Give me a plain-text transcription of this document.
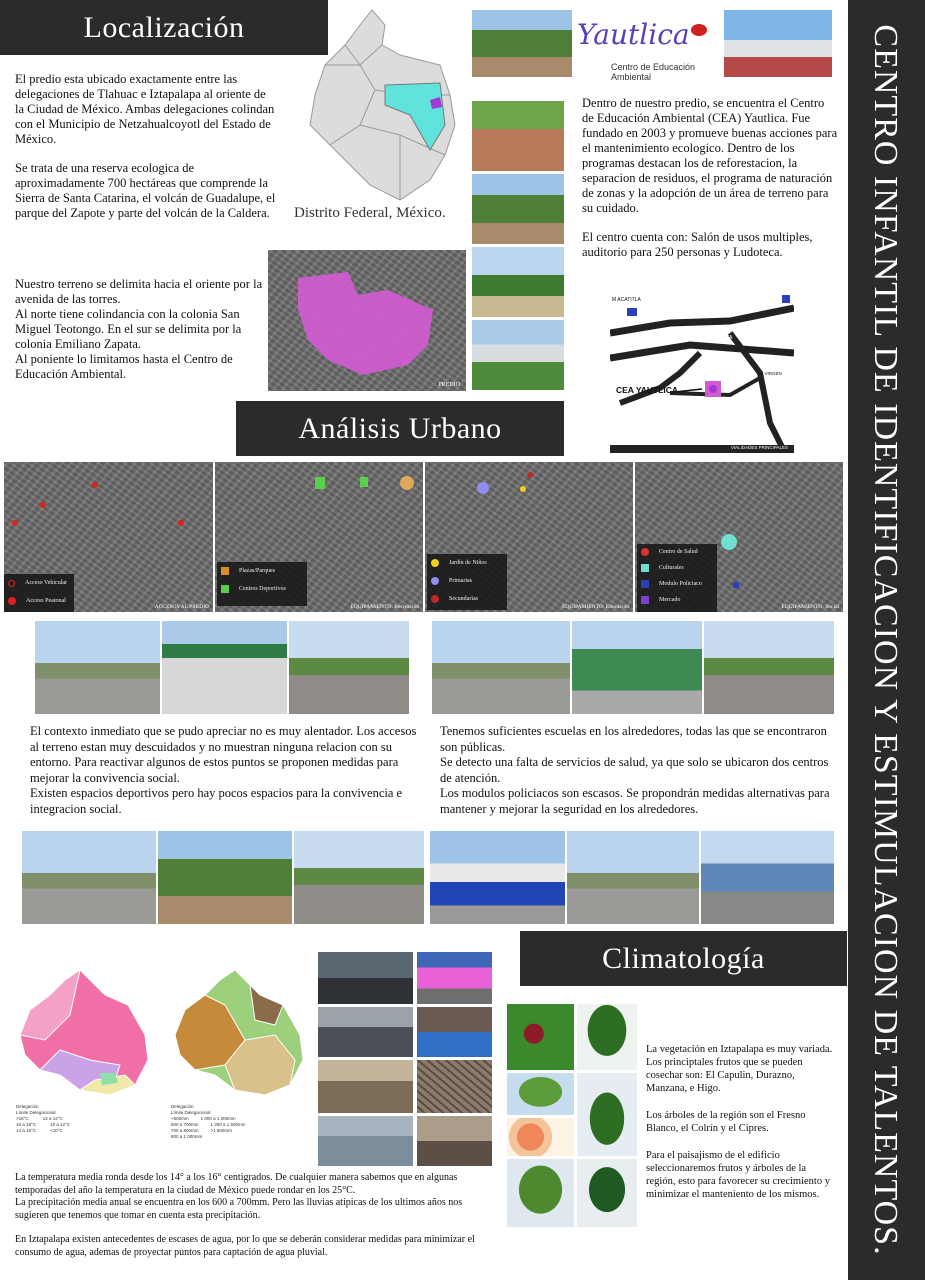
Localización

El predio esta ubicado exactamente entre las delegaciones de Tlahuac e Iztapalapa al oriente de la Ciudad de México. Ambas delegaciones colindan con el Municipio de Netzahualcoyotl del Estado de México.

Se trata de una reserva ecologica de aproximadamente 700 hectáreas que comprende la Sierra de Santa Catarina, el volcán de Guadalupe, el parque del Zapote y parte del volcán de la Caldera.	Distrito Federal, México.
Nuestro terreno se delimita hacia el oriente por la avenida de las torres.
Al norte tiene colindancia con la colonia San Miguel Teotongo. En el sur se delimita por la colonia Emiliano Zapata.
Al poniente lo limitamos hasta el Centro de Educación Ambiental.
PREDIO
Yautlica
Centro de Educación Ambiental

Dentro de nuestro predio, se encuentra el Centro de Educación Ambiental (CEA) Yautlica. Fue fundado en 2003 y promueve buenas acciones para el mantenimiento ecologico. Dentro de los programas destacan los de reforestacion, la separacion de residuos, el programa de naturación de zonas y la adopción de un área de terreno para su cuidado.

El centro cuenta con: Salón de usos multiples, auditorio para 250 personas y Ludoteca.

M ACATITLA
ZARAGOZA
LA VIRGEN
CEA YAUTLICA
VIALIDADES PRINCIPALES
Análisis Urbano
Acceso Vehicular
Acceso Peatonal
ACCESOS AL PREDIO
Plazas/Parques
Centros Deportivos
EQUIPAMIENTO: Recreación
Jardín de Niños
Primarias
Secundarias
EQUIPAMIENTO: Educación
Centro de Salud
Culturales
Modulo Policiaco
Mercado
EQUIPAMIENTO: Social
El contexto inmediato que se pudo apreciar no es muy alentador. Los accesos al terreno estan muy descuidados y no muestran ninguna relacion con su entorno. Para reactivar algunos de estos puntos se proponen medidas para mejorar la convivencia social.
Existen espacios deportivos pero hay pocos espacios para la convivencia e integracion social.
Tenemos suficientes escuelas en los alrededores, todas las que se encontraron son públicas.
Se detecto una falta de servicios de salud, ya que solo se ubicaron dos centros de atención.
Los modulos policiacos son escasos. Se propondrán medidas alternativas para mantener y mejorar la seguridad en los alrededores.
Climatología
Delegación
Límite Delegacional
>18°C	12 a 14°C
16 a 18°C	10 a 12°C
14 a 16°C	<10°C
Delegación
Límite Delegacional
<600mm	1 000 a 1 300mm
600 a 700mm	1 300 a 1 500mm
700 a 800mm	>1 500mm
800 a 1 000mm

La vegetación en Iztapalapa es muy variada. Los principtales frutos que se pueden cosechar son: El Capulin, Durazno, Manzana, e Higo.

Los árboles de la región son el Fresno Blanco, el Colrín y el Cipres.

Para el paisajismo de el edificio seleccionaremos frutos y árboles de la región, esto para favorecer su crecimiento y minimizar el manteniento de los mismos.

La temperatura media ronda desde los 14° a los 16° centigrados. De cualquier manera sabemos que en algunas temporadas del año la temperatura en la ciudad de México puede rondar en los 25°C.
La precipitación media anual se encuentra en los 600 a 700mm. Pero las lluvias atipicas de los ultimos años nos sugieren que tenemos que tomar en cuenta esta precipitación.
En Iztapalapa existen antecedentes de escases de agua, por lo que se deberán considerar medidas para minimizar el consumo de agua, ademas de proyectar puntos para captación de agua pluvial.	CENTRO INFANTIL DE IDENTIFICACION Y ESTIMULACION DE TALENTOS.
